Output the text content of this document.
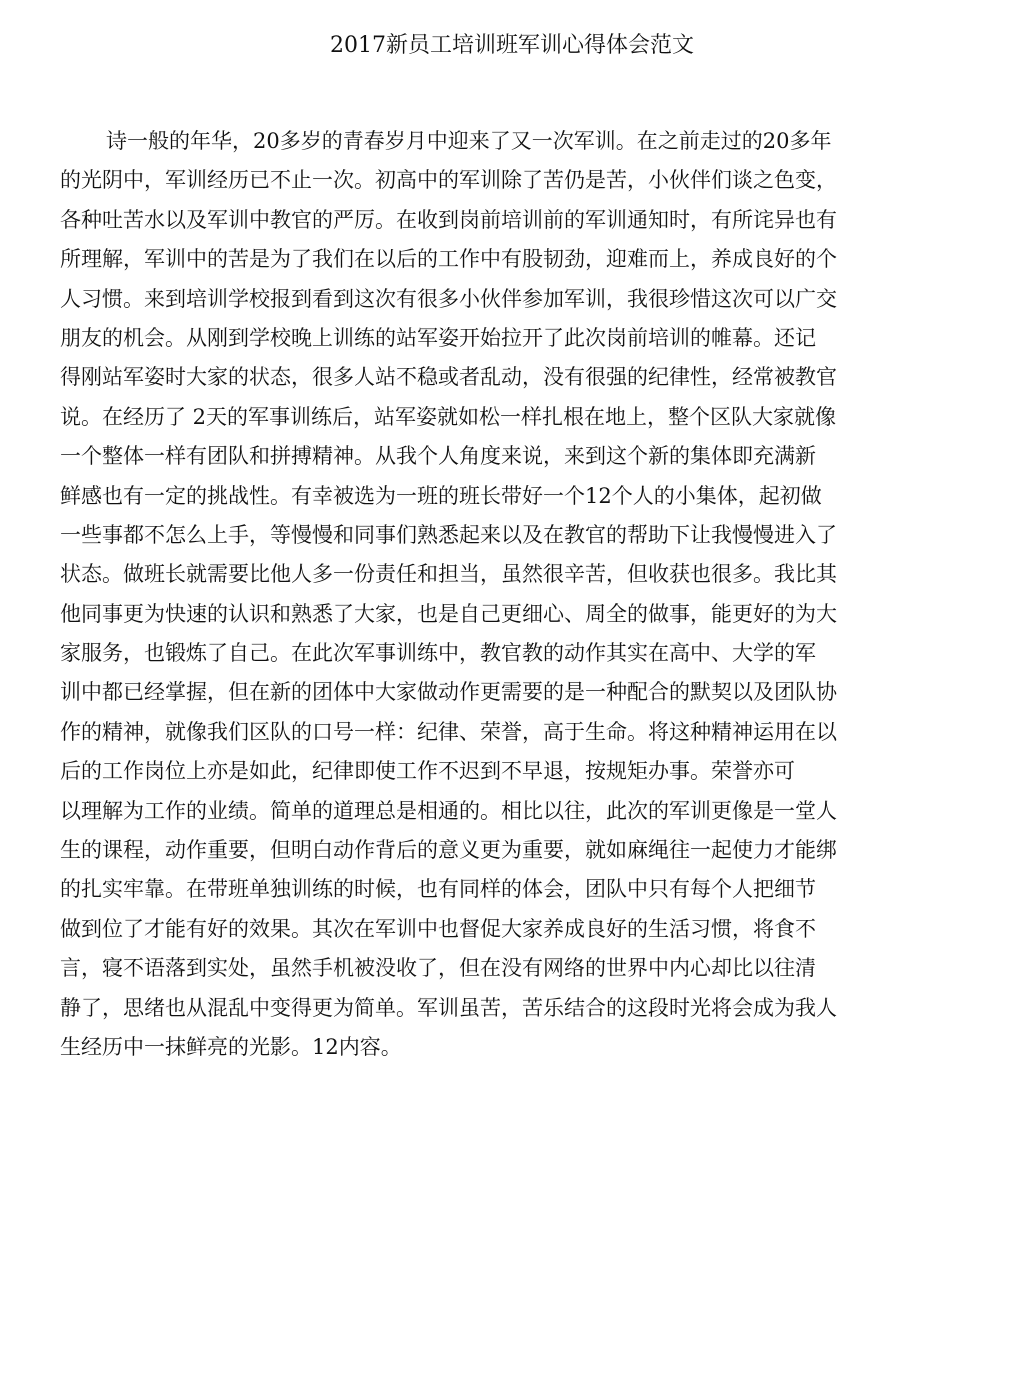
2017新员工培训班军训心得体会范文
诗一般的年华，20多岁的青春岁月中迎来了又一次军训。在之前走过的20多年
的光阴中，军训经历已不止一次。初高中的军训除了苦仍是苦，小伙伴们谈之色变，
各种吐苦水以及军训中教官的严厉。在收到岗前培训前的军训通知时，有所诧异也有
所理解，军训中的苦是为了我们在以后的工作中有股韧劲，迎难而上，养成良好的个
人习惯。来到培训学校报到看到这次有很多小伙伴参加军训，我很珍惜这次可以广交
朋友的机会。从刚到学校晚上训练的站军姿开始拉开了此次岗前培训的帷幕。还记
得刚站军姿时大家的状态，很多人站不稳或者乱动，没有很强的纪律性，经常被教官
说。在经历了 2天的军事训练后，站军姿就如松一样扎根在地上，整个区队大家就像
一个整体一样有团队和拼搏精神。从我个人角度来说，来到这个新的集体即充满新
鲜感也有一定的挑战性。有幸被选为一班的班长带好一个12个人的小集体，起初做
一些事都不怎么上手，等慢慢和同事们熟悉起来以及在教官的帮助下让我慢慢进入了
状态。做班长就需要比他人多一份责任和担当，虽然很辛苦，但收获也很多。我比其
他同事更为快速的认识和熟悉了大家，也是自己更细心、周全的做事，能更好的为大
家服务，也锻炼了自己。在此次军事训练中，教官教的动作其实在高中、大学的军
训中都已经掌握，但在新的团体中大家做动作更需要的是一种配合的默契以及团队协
作的精神，就像我们区队的口号一样：纪律、荣誉，高于生命。将这种精神运用在以
后的工作岗位上亦是如此，纪律即使工作不迟到不早退，按规矩办事。荣誉亦可
以理解为工作的业绩。简单的道理总是相通的。相比以往，此次的军训更像是一堂人
生的课程，动作重要，但明白动作背后的意义更为重要，就如麻绳往一起使力才能绑
的扎实牢靠。在带班单独训练的时候，也有同样的体会，团队中只有每个人把细节
做到位了才能有好的效果。其次在军训中也督促大家养成良好的生活习惯，将食不
言，寝不语落到实处，虽然手机被没收了，但在没有网络的世界中内心却比以往清
静了，思绪也从混乱中变得更为简单。军训虽苦，苦乐结合的这段时光将会成为我人
生经历中一抹鲜亮的光影。12内容。
